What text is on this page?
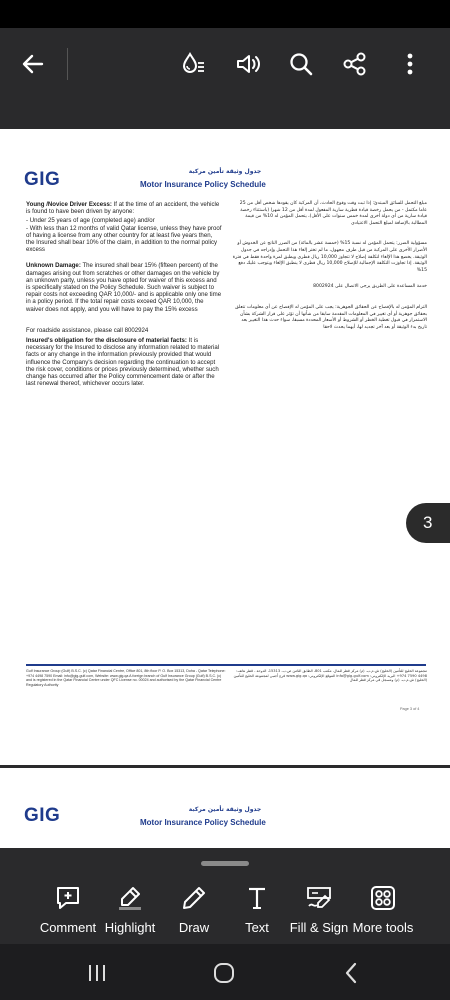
GIG	جدول وثيقة تأمين مركبة
Motor Insurance Policy Schedule

Young /Novice Driver Excess: If at the time of an accident, the vehicle is found to have been driven by anyone:

- Under 25 years of age (completed age) and/or

- With less than 12 months of valid Qatar license, unless they have proof of having a license from any other country for at least five years then,

the Insured shall bear 10% of the claim, in addition to the normal policy excess

Unknown Damage: The insured shall bear 15% (fifteen percent) of the damages arising out from scratches or other damages on the vehicle by an unknown party, unless you have opted for waiver of this excess and is specifically stated on the Policy Schedule. Such waiver is subject to repair costs not exceeding QAR 10,000/- and is applicable only one time in a policy period. If the total repair costs exceed QAR 10,000, the waiver does not apply, and you will have to pay the 15% excess

For roadside assistance, please call 8002924

Insured's obligation for the disclosure of material facts: It is necessary for the Insured to disclose any information related to material facts or any change in the information previously provided that would influence the Company's decision regarding the continuation to accept the risk cover, conditions or prices previously determined, whether such change has occurred after the Policy commencement date or after the last renewal thereof, whichever occurs later.

مبلغ التحمل للسائق المبتدئ: إذا ثبت وقت وقوع الحادث، أن المركبة كان يقودها شخص أقل من 25 عاما مكتمل - من يحمل رخصة قيادة قطرية سارية المفعول لمدة أقل من 12 شهرا (باستثناء رخصة قيادة سارية من أي دولة أخرى لمدة خمس سنوات على الأقل)، يتحمل المؤمن له 10% من قيمة المطالبة بالإضافة لمبلغ التحمل الاعتيادي

مسؤولية الضرر: يتحمل المؤمن له نسبة 15% (خمسة عشر بالمائة) من الضرر الناتج عن الخدوش أو الأضرار الأخرى على المركبة من قبل طرف مجهول، ما لم تختر إلغاء هذا التحمل وإدراجه في جدول الوثيقة. يخضع هذا الإلغاء لتكلفة إصلاح لا تتجاوز 10,000 ريال قطري ويطبق لمرة واحدة فقط في فترة الوثيقة. إذا تجاوزت التكلفة الإجمالية للإصلاح 10,000 ريال قطري لا ينطبق الإلغاء ويتوجب عليك دفع 15%

خدمة المساعدة على الطريق يرجى الاتصال على 8002924

التزام المؤمن له بالإفصاح عن الحقائق الجوهرية: يجب على المؤمن له الإفصاح عن أي معلومات تتعلق بحقائق جوهرية أو أي تغيير في المعلومات المقدمة سابقا من شأنها أن تؤثر على قرار الشركة بشأن الاستمرار في قبول تغطية الخطر أو الشروط أو الأسعار المحددة مسبقا، سواء حدث هذا التغيير بعد تاريخ بدء الوثيقة أو بعد آخر تجديد لها، أيهما يحدث لاحقا

Gulf Insurance Group (Gulf) B.S.C. (c) Qatar Financial Centre, Office 801, 8th floor P. O. Box 15313, Doha - Qatar Telephone: +974 4498 7590 Email: info@gig-gulf.com, Website: www.gig.qa A foreign branch of Gulf Insurance Group (Gulf) B.S.C. (c) and is registered in the Qatar Financial Centre under QFC License no. 00024 and authorised by the Qatar Financial Centre Regulatory Authority
مجموعة الخليج للتأمين (الخليج) ش.م.ب. (م) مركز قطر للمال، مكتب 801، الطابق الثامن ص.ب. 15313، الدوحة - قطر هاتف: 4498 7590 974+ البريد الإلكتروني: info@gig-gulf.com الموقع الإلكتروني: www.gig.qa فرع أجنبي لمجموعة الخليج للتأمين (الخليج) ش.م.ب. (م) ومسجل في مركز قطر للمال
Page 3 of 4
GIG	جدول وثيقة تأمين مركبة
Motor Insurance Policy Schedule
3
Comment Highlight Draw	Text Fill & Sign More tools
